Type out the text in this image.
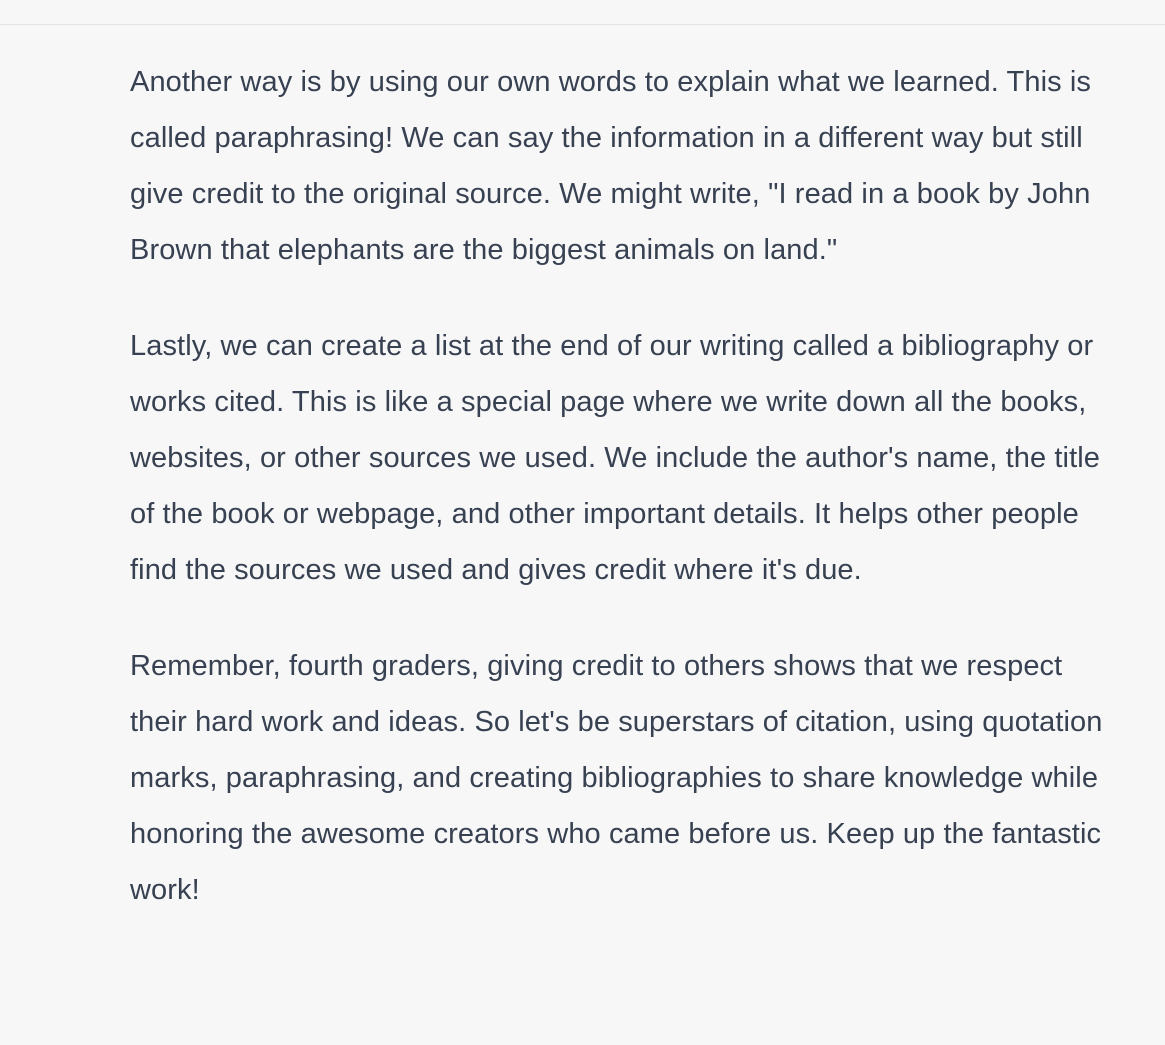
Another way is by using our own words to explain what we learned. This is called paraphrasing! We can say the information in a different way but still give credit to the original source. We might write, "I read in a book by John Brown that elephants are the biggest animals on land."

Lastly, we can create a list at the end of our writing called a bibliography or works cited. This is like a special page where we write down all the books, websites, or other sources we used. We include the author's name, the title of the book or webpage, and other important details. It helps other people find the sources we used and gives credit where it's due.

Remember, fourth graders, giving credit to others shows that we respect their hard work and ideas. So let's be superstars of citation, using quotation marks, paraphrasing, and creating bibliographies to share knowledge while honoring the awesome creators who came before us. Keep up the fantastic work!
